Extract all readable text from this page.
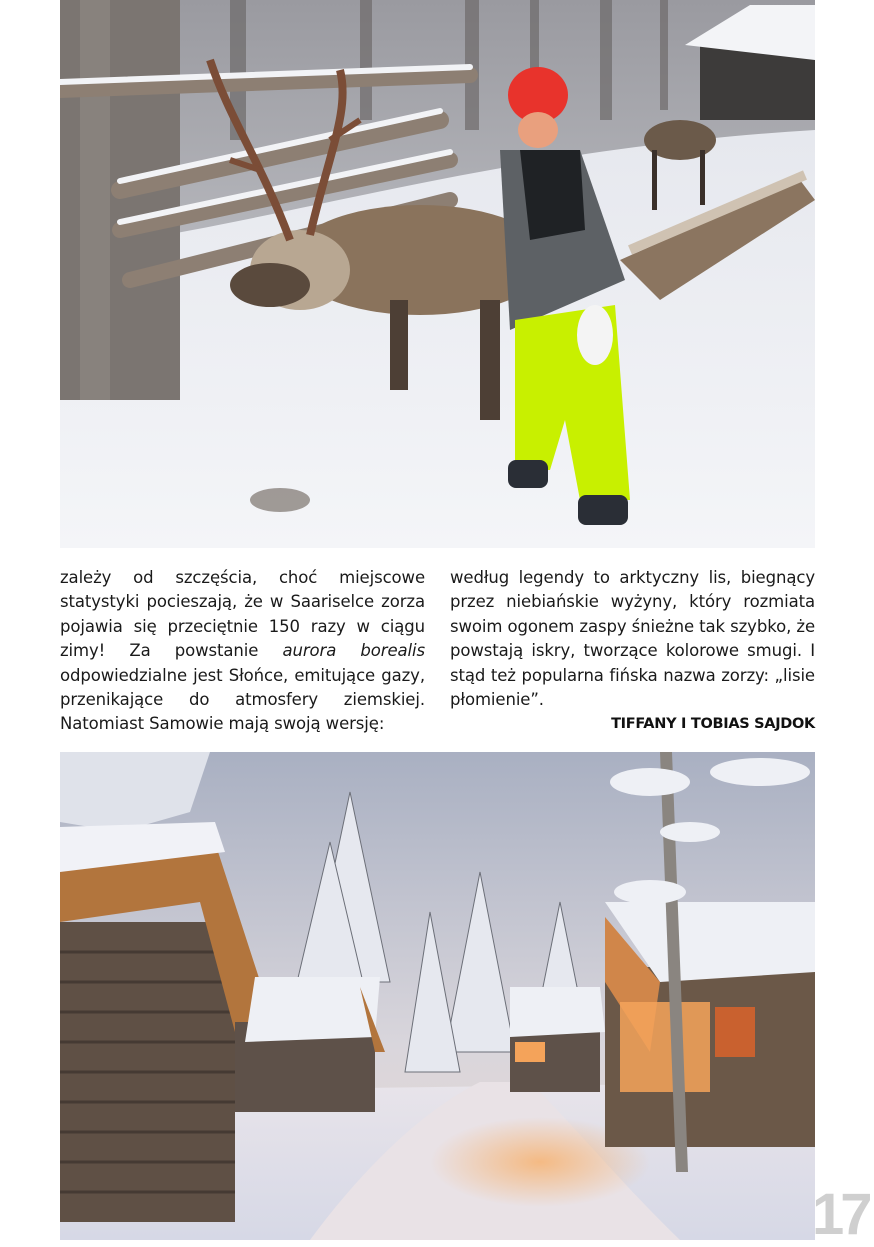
zależy od szczęścia, choć miejscowe statystyki pocieszają, że w Saariselce zorza pojawia się przeciętnie 150 razy w ciągu zimy! Za powstanie aurora borealis odpowiedzialne jest Słońce, emitujące gazy, przenikające do atmosfery ziemskiej. Natomiast Samowie mają swoją wersję:

według legendy to arktyczny lis, biegnący przez niebiańskie wyżyny, który rozmiata swoim ogonem zaspy śnieżne tak szybko, że powstają iskry, tworzące kolorowe smugi. I stąd też popularna fińska nazwa zorzy: „lisie płomienie”.

TIFFANY I TOBIAS SAJDOK
17
